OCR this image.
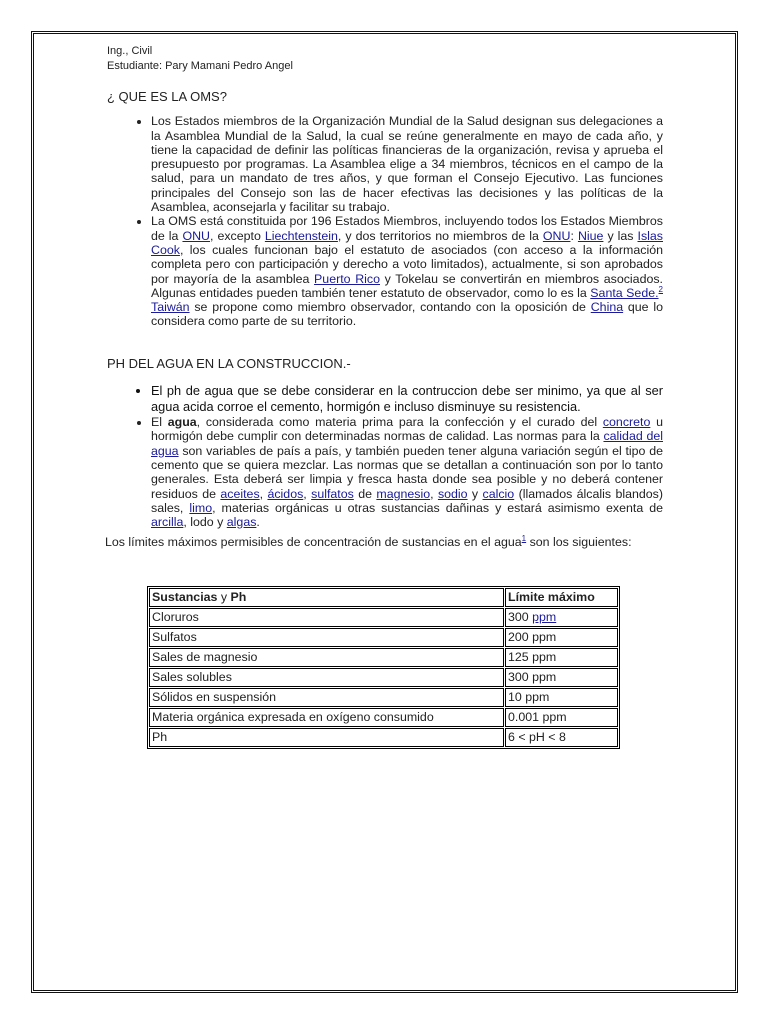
Ing., Civil
Estudiante: Pary Mamani Pedro Angel

¿ QUE ES LA OMS?

• Los Estados miembros de la Organización Mundial de la Salud designan sus delegaciones a la Asamblea Mundial de la Salud, la cual se reúne generalmente en mayo de cada año, y tiene la capacidad de definir las políticas financieras de la organización, revisa y aprueba el presupuesto por programas. La Asamblea elige a 34 miembros, técnicos en el campo de la salud, para un mandato de tres años, y que forman el Consejo Ejecutivo. Las funciones principales del Consejo son las de hacer efectivas las decisiones y las políticas de la Asamblea, aconsejarla y facilitar su trabajo.
• La OMS está constituida por 196 Estados Miembros, incluyendo todos los Estados Miembros de la ONU, excepto Liechtenstein, y dos territorios no miembros de la ONU: Niue y las Islas Cook, los cuales funcionan bajo el estatuto de asociados (con acceso a la información completa pero con participación y derecho a voto limitados), actualmente, si son aprobados por mayoría de la asamblea Puerto Rico y Tokelau se convertirán en miembros asociados. Algunas entidades pueden también tener estatuto de observador, como lo es la Santa Sede.$^2$ Taiwán se propone como miembro observador, contando con la oposición de China que lo considera como parte de su territorio.

PH DEL AGUA EN LA CONSTRUCCION.-

• El ph de agua que se debe considerar en la contruccion debe ser minimo, ya que al ser agua acida corroe el cemento, hormigón e incluso disminuye su resistencia.
• El agua, considerada como materia prima para la confección y el curado del concreto u hormigón debe cumplir con determinadas normas de calidad. Las normas para la calidad del agua son variables de país a país, y también pueden tener alguna variación según el tipo de cemento que se quiera mezclar. Las normas que se detallan a continuación son por lo tanto generales. Esta deberá ser limpia y fresca hasta donde sea posible y no deberá contener residuos de aceites, ácidos, sulfatos de magnesio, sodio y calcio (llamados álcalis blandos) sales, limo, materias orgánicas u otras sustancias dañinas y estará asimismo exenta de arcilla, lodo y algas.

Los límites máximos permisibles de concentración de sustancias en el agua$^1$ son los siguientes:

Sustancias y Ph	Límite máximo
Cloruros	300 ppm
Sulfatos	200 ppm
Sales de magnesio	125 ppm
Sales solubles	300 ppm
Sólidos en suspensión	10 ppm
Materia orgánica expresada en oxígeno consumido	0.001 ppm
Ph	6 < pH < 8
